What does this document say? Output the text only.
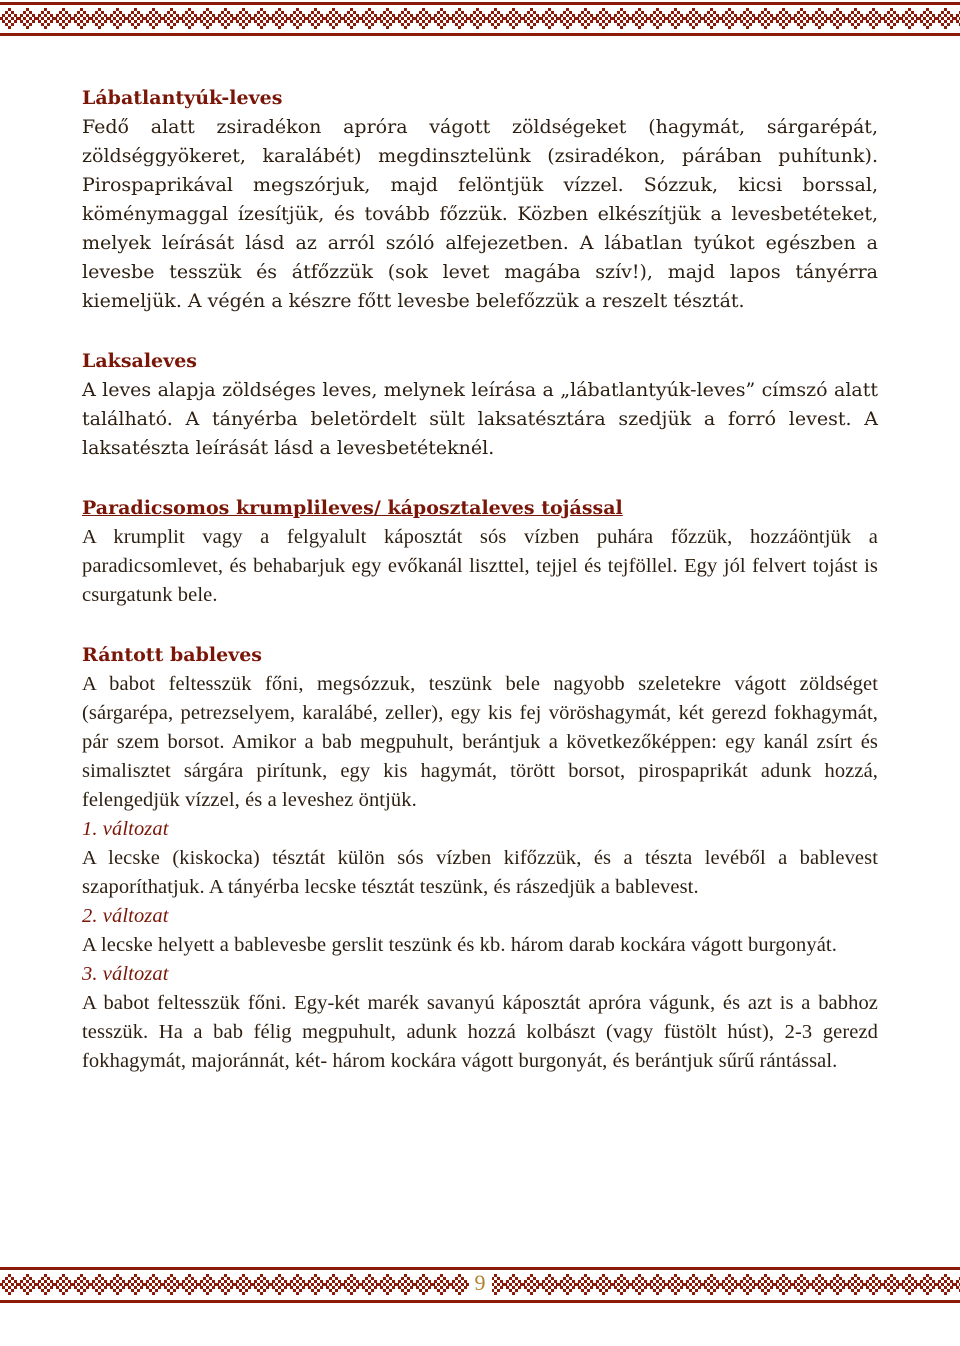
Lábatlantyúk-leves

Fedő alatt zsiradékon apróra vágott zöldségeket (hagymát, sárgarépát, zöldséggyökeret, karalábét) megdinsztelünk (zsiradékon, párában puhítunk). Pirospaprikával megszórjuk, majd felöntjük vízzel. Sózzuk, kicsi borssal, köménymaggal ízesítjük, és tovább főzzük. Közben elkészítjük a levesbetéteket, melyek leírását lásd az arról szóló alfejezetben. A lábatlan tyúkot egészben a levesbe tesszük és átfőzzük (sok levet magába szív!), majd lapos tányérra kiemeljük. A végén a készre főtt levesbe belefőzzük a reszelt tésztát.

Laksaleves

A leves alapja zöldséges leves, melynek leírása a „lábatlantyúk-leves” címszó alatt található. A tányérba beletördelt sült laksatésztára szedjük a forró levest. A laksatészta leírását lásd a levesbetéteknél.

Paradicsomos krumplileves/ káposztaleves tojással

A krumplit vagy a felgyalult káposztát sós vízben puhára főzzük, hozzáöntjük a paradicsomlevet, és behabarjuk egy evőkanál liszttel, tejjel és tejföllel. Egy jól felvert tojást is csurgatunk bele.

Rántott bableves

A babot feltesszük főni, megsózzuk, teszünk bele nagyobb szeletekre vágott zöldséget (sárgarépa, petrezselyem, karalábé, zeller), egy kis fej vöröshagymát, két gerezd fokhagymát, pár szem borsot. Amikor a bab megpuhult, berántjuk a következőképpen: egy kanál zsírt és simalisztet sárgára pirítunk, egy kis hagymát, törött borsot, pirospaprikát adunk hozzá, felengedjük vízzel, és a leveshez öntjük.

1. változat

A lecske (kiskocka) tésztát külön sós vízben kifőzzük, és a tészta levéből a bablevest szaporíthatjuk. A tányérba lecske tésztát teszünk, és rászedjük a bablevest.

2. változat

A lecske helyett a bablevesbe gerslit teszünk és kb. három darab kockára vágott burgonyát.

3. változat

A babot feltesszük főni. Egy-két marék savanyú káposztát apróra vágunk, és azt is a babhoz tesszük. Ha a bab félig megpuhult, adunk hozzá kolbászt (vagy füstölt húst), 2-3 gerezd fokhagymát, majoránnát, két- három kockára vágott burgonyát, és berántjuk sűrű rántással.

9
